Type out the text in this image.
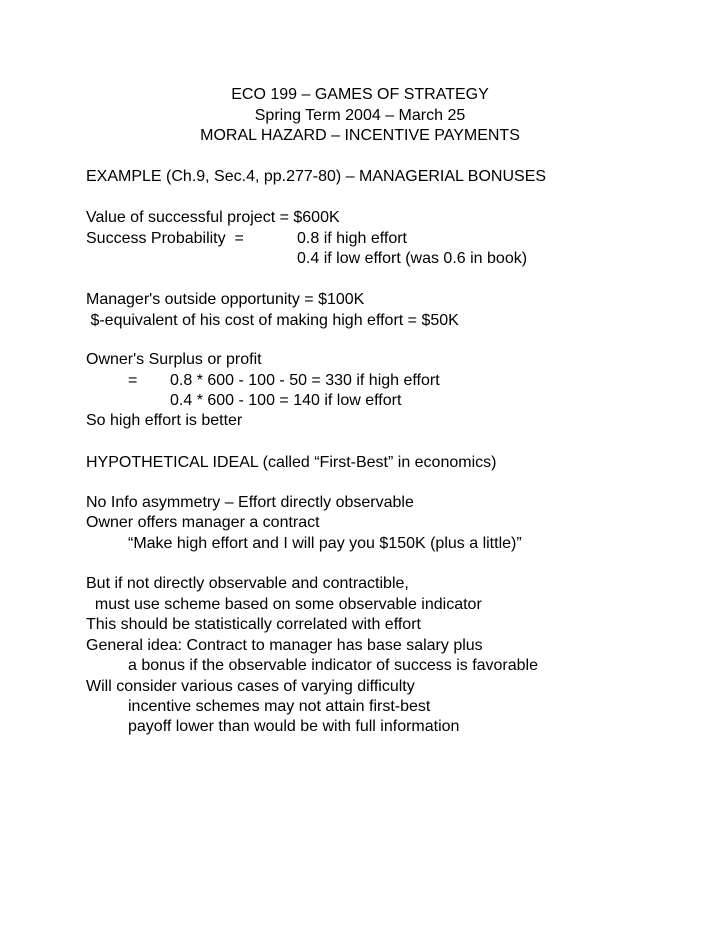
ECO 199 – GAMES OF STRATEGY
Spring Term 2004 – March 25
MORAL HAZARD – INCENTIVE PAYMENTS
EXAMPLE (Ch.9, Sec.4, pp.277-80) – MANAGERIAL BONUSES
Value of successful project = $600K
Success Probability  =	0.8 if high effort
0.4 if low effort (was 0.6 in book)
Manager's outside opportunity = $100K
$-equivalent of his cost of making high effort = $50K
Owner's Surplus or profit
= 0.8 * 600 - 100 - 50 = 330 if high effort
0.4 * 600 - 100 = 140 if low effort
So high effort is better
HYPOTHETICAL IDEAL (called “First-Best” in economics)
No Info asymmetry – Effort directly observable
Owner offers manager a contract
“Make high effort and I will pay you $150K (plus a little)”
But if not directly observable and contractible,
must use scheme based on some observable indicator
This should be statistically correlated with effort
General idea: Contract to manager has base salary plus
a bonus if the observable indicator of success is favorable
Will consider various cases of varying difficulty
incentive schemes may not attain first-best
payoff lower than would be with full information
